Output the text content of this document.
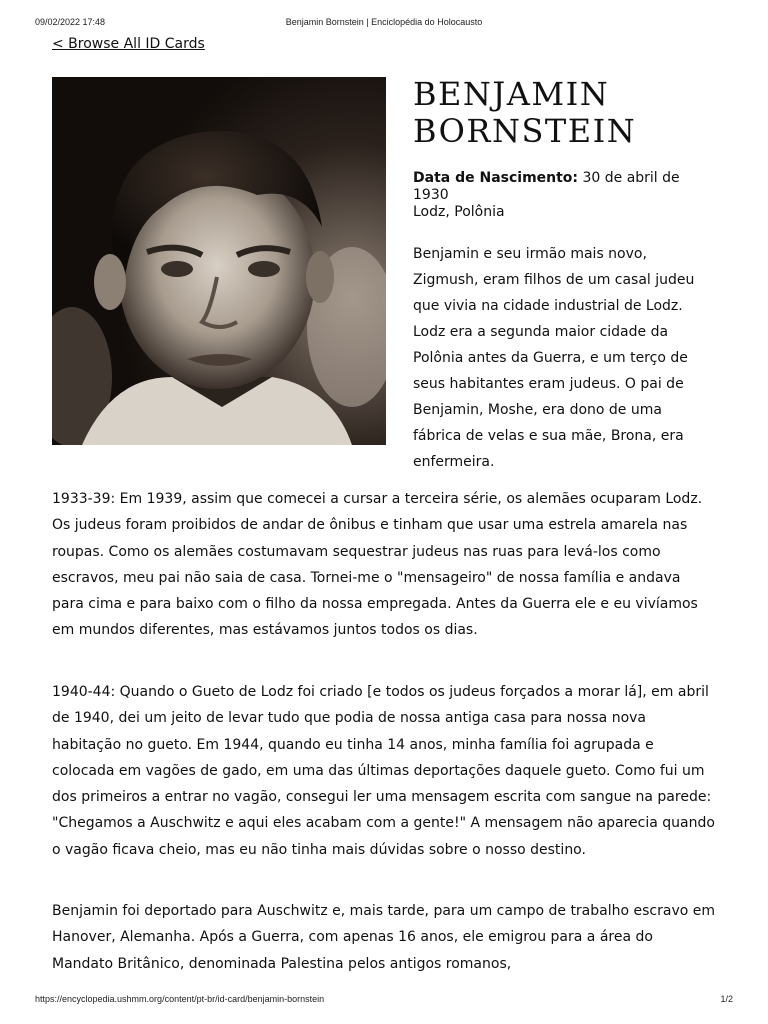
09/02/2022 17:48	Benjamin Bornstein | Enciclopédia do Holocausto
< Browse All ID Cards
BENJAMIN
BORNSTEIN
Data de Nascimento: 30 de abril de 1930
Lodz, Polônia

Benjamin e seu irmão mais novo, Zigmush, eram filhos de um casal judeu que vivia na cidade industrial de Lodz. Lodz era a segunda maior cidade da Polônia antes da Guerra, e um terço de seus habitantes eram judeus. O pai de Benjamin, Moshe, era dono de uma fábrica de velas e sua mãe, Brona, era enfermeira.

1933-39: Em 1939, assim que comecei a cursar a terceira série, os alemães ocuparam Lodz. Os judeus foram proibidos de andar de ônibus e tinham que usar uma estrela amarela nas roupas. Como os alemães costumavam sequestrar judeus nas ruas para levá-los como escravos, meu pai não saia de casa. Tornei-me o "mensageiro" de nossa família e andava para cima e para baixo com o filho da nossa empregada. Antes da Guerra ele e eu vivíamos em mundos diferentes, mas estávamos juntos todos os dias.

1940-44: Quando o Gueto de Lodz foi criado [e todos os judeus forçados a morar lá], em abril de 1940, dei um jeito de levar tudo que podia de nossa antiga casa para nossa nova habitação no gueto. Em 1944, quando eu tinha 14 anos, minha família foi agrupada e colocada em vagões de gado, em uma das últimas deportações daquele gueto. Como fui um dos primeiros a entrar no vagão, consegui ler uma mensagem escrita com sangue na parede: "Chegamos a Auschwitz e aqui eles acabam com a gente!" A mensagem não aparecia quando o vagão ficava cheio, mas eu não tinha mais dúvidas sobre o nosso destino.

Benjamin foi deportado para Auschwitz e, mais tarde, para um campo de trabalho escravo em Hanover, Alemanha. Após a Guerra, com apenas 16 anos, ele emigrou para a área do Mandato Britânico, denominada Palestina pelos antigos romanos,

https://encyclopedia.ushmm.org/content/pt-br/id-card/benjamin-bornstein	1/2
